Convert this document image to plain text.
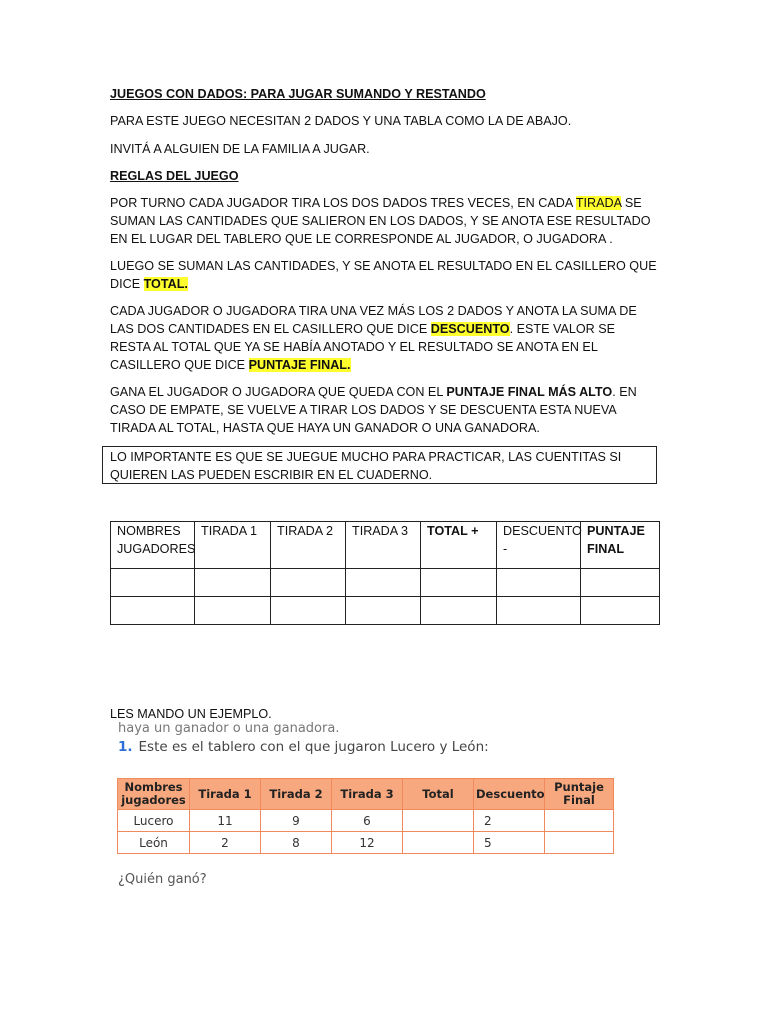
JUEGOS CON DADOS: PARA JUGAR SUMANDO Y RESTANDO

PARA ESTE JUEGO NECESITAN 2 DADOS Y UNA TABLA COMO LA DE ABAJO.

INVITÁ A ALGUIEN DE LA FAMILIA A JUGAR.

REGLAS DEL JUEGO

POR TURNO CADA JUGADOR TIRA LOS DOS DADOS TRES VECES, EN CADA TIRADA SE SUMAN LAS CANTIDADES QUE SALIERON EN LOS DADOS, Y SE ANOTA ESE RESULTADO EN EL LUGAR DEL TABLERO QUE LE CORRESPONDE AL JUGADOR, O JUGADORA .

LUEGO SE SUMAN LAS CANTIDADES, Y SE ANOTA EL RESULTADO EN EL CASILLERO QUE DICE TOTAL.

CADA JUGADOR O JUGADORA TIRA UNA VEZ MÁS LOS 2 DADOS Y ANOTA LA SUMA DE LAS DOS CANTIDADES EN EL CASILLERO QUE DICE DESCUENTO. ESTE VALOR SE RESTA AL TOTAL QUE YA SE HABÍA ANOTADO Y EL RESULTADO SE ANOTA EN EL CASILLERO QUE DICE PUNTAJE FINAL.

GANA EL JUGADOR O JUGADORA QUE QUEDA CON EL PUNTAJE FINAL MÁS ALTO. EN CASO DE EMPATE, SE VUELVE A TIRAR LOS DADOS Y SE DESCUENTA ESTA NUEVA TIRADA AL TOTAL, HASTA QUE HAYA UN GANADOR O UNA GANADORA.

LO IMPORTANTE ES QUE SE JUEGUE MUCHO PARA PRACTICAR, LAS CUENTITAS SI QUIEREN LAS PUEDEN ESCRIBIR EN EL CUADERNO.
NOMBRES JUGADORES	TIRADA 1	TIRADA 2	TIRADA 3	TOTAL +	DESCUENTO -	PUNTAJE FINAL

LES MANDO UN EJEMPLO.

haya un ganador o una ganadora.
1. Este es el tablero con el que jugaron Lucero y León:
Nombres jugadores	Tirada 1	Tirada 2	Tirada 3	Total	Descuento	Puntaje Final
Lucero	11	9	6		2	
León	2	8	12		5	
¿Quién ganó?
